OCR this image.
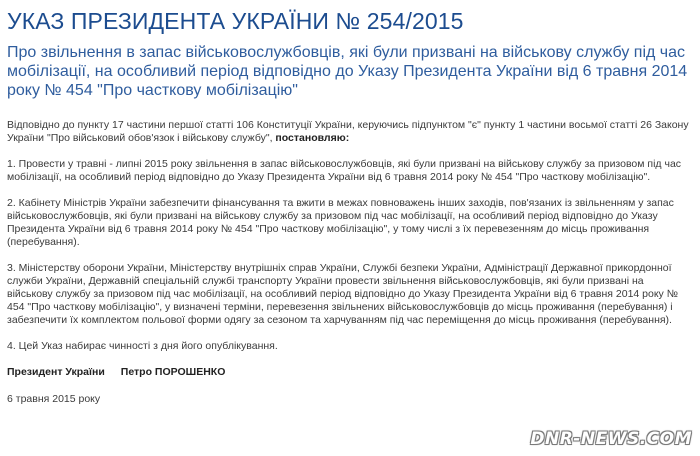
УКАЗ ПРЕЗИДЕНТА УКРАЇНИ № 254/2015
Про звільнення в запас військовослужбовців, які були призвані на військову службу під час мобілізації, на особливий період відповідно до Указу Президента України від 6 травня 2014 року № 454 "Про часткову мобілізацію"

Відповідно до пункту 17 частини першої статті 106 Конституції України, керуючись підпунктом "є" пункту 1 частини восьмої статті 26 Закону України "Про військовий обов'язок і військову службу", постановляю:

1. Провести у травні - липні 2015 року звільнення в запас військовослужбовців, які були призвані на військову службу за призовом під час мобілізації, на особливий період відповідно до Указу Президента України від 6 травня 2014 року № 454 "Про часткову мобілізацію".

2. Кабінету Міністрів України забезпечити фінансування та вжити в межах повноважень інших заходів, пов'язаних із звільненням у запас військовослужбовців, які були призвані на військову службу за призовом під час мобілізації, на особливий період відповідно до Указу Президента України від 6 травня 2014 року № 454 "Про часткову мобілізацію", у тому числі з їх перевезенням до місць проживання (перебування).

3. Міністерству оборони України, Міністерству внутрішніх справ України, Службі безпеки України, Адміністрації Державної прикордонної служби України, Державній спеціальній службі транспорту України провести звільнення військовослужбовців, які були призвані на військову службу за призовом під час мобілізації, на особливий період відповідно до Указу Президента України від 6 травня 2014 року № 454 "Про часткову мобілізацію", у визначені терміни, перевезення звільнених військовослужбовців до місць проживання (перебування) і забезпечити їх комплектом польової форми одягу за сезоном та харчуванням під час переміщення до місць проживання (перебування).

4. Цей Указ набирає чинності з дня його опублікування.

Президент України Петро ПОРОШЕНКО

6 травня 2015 року

DNR-NEWS.COM
